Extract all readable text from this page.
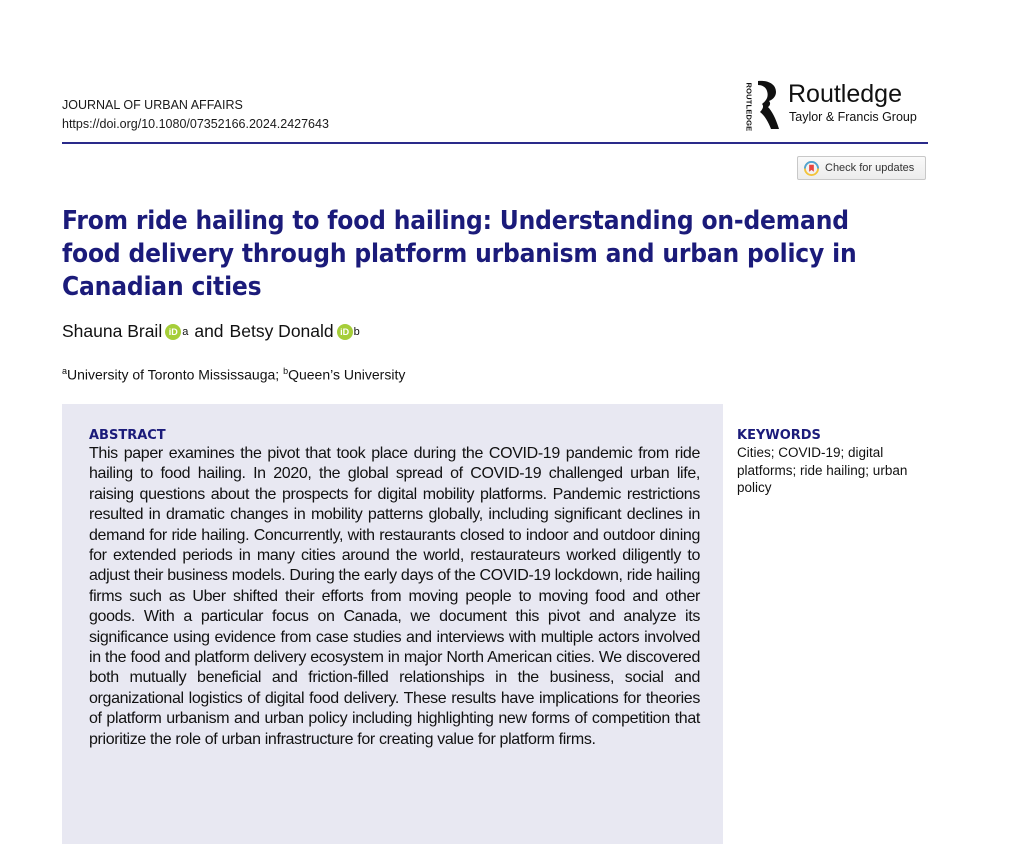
JOURNAL OF URBAN AFFAIRS
https://doi.org/10.1080/07352166.2024.2427643	ROUTLEDGE Routledge
Taylor & Francis Group
Check for updates
From ride hailing to food hailing: Understanding on-demand food delivery through platform urbanism and urban policy in Canadian cities
Shauna Brail iD a and Betsy Donald iD b
$^a$University of Toronto Mississauga; $^b$Queen’s University
ABSTRACT

This paper examines the pivot that took place during the COVID-19 pandemic from ride hailing to food hailing. In 2020, the global spread of COVID-19 challenged urban life, raising questions about the prospects for digital mobility platforms. Pandemic restrictions resulted in dramatic changes in mobility patterns globally, including significant declines in demand for ride hailing. Concurrently, with restaurants closed to indoor and outdoor dining for extended periods in many cities around the world, restaurateurs worked diligently to adjust their business models. During the early days of the COVID-19 lockdown, ride hailing firms such as Uber shifted their efforts from moving people to moving food and other goods. With a particular focus on Canada, we document this pivot and analyze its significance using evidence from case studies and interviews with multiple actors involved in the food and platform delivery ecosystem in major North American cities. We discovered both mutually beneficial and friction-filled relationships in the business, social and organizational logistics of digital food delivery. These results have implications for theories of platform urbanism and urban policy including highlighting new forms of competition that prioritize the role of urban infrastructure for creating value for platform firms.

KEYWORDS
Cities; COVID-19; digital platforms; ride hailing; urban policy
